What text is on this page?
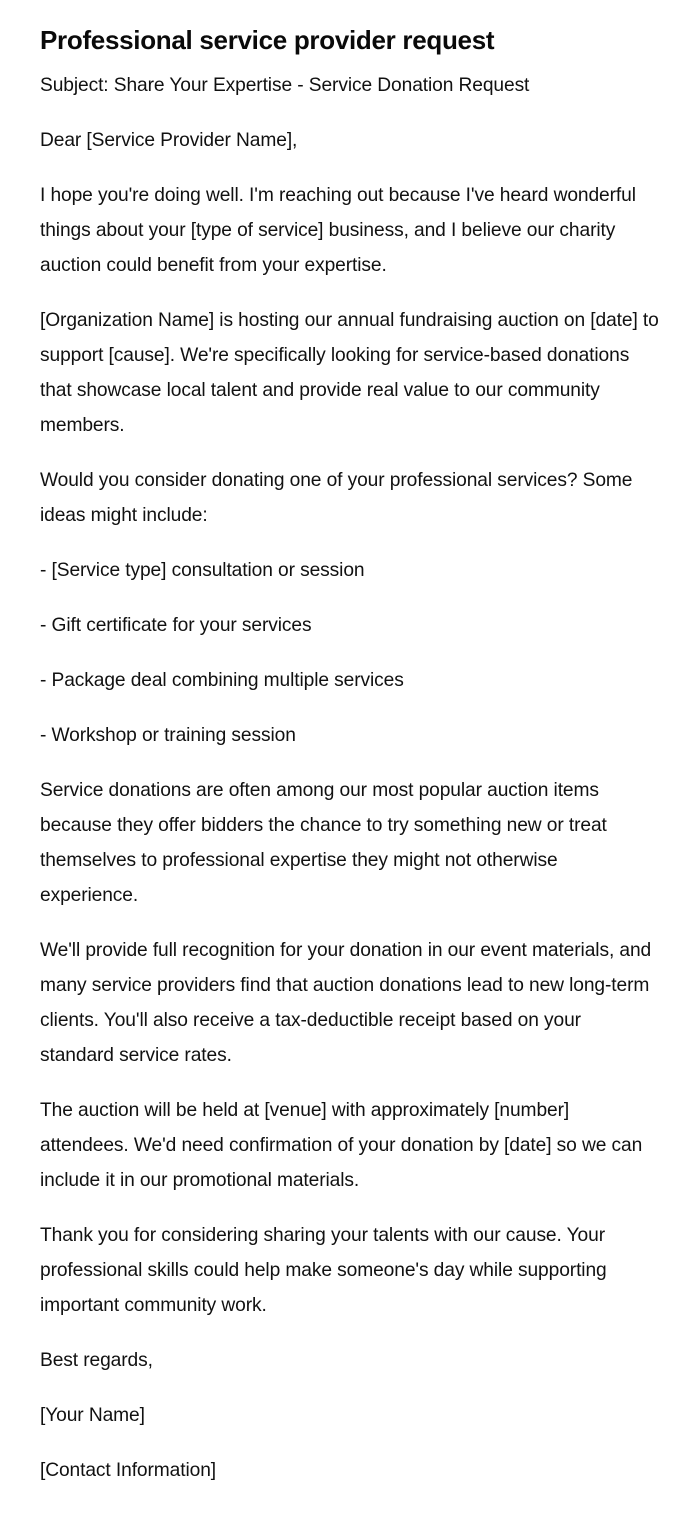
Professional service provider request

Subject: Share Your Expertise - Service Donation Request

Dear [Service Provider Name],

I hope you're doing well. I'm reaching out because I've heard wonderful things about your [type of service] business, and I believe our charity auction could benefit from your expertise.

[Organization Name] is hosting our annual fundraising auction on [date] to support [cause]. We're specifically looking for service-based donations that showcase local talent and provide real value to our community members.

Would you consider donating one of your professional services? Some ideas might include:

- [Service type] consultation or session

- Gift certificate for your services

- Package deal combining multiple services

- Workshop or training session

Service donations are often among our most popular auction items because they offer bidders the chance to try something new or treat themselves to professional expertise they might not otherwise experience.

We'll provide full recognition for your donation in our event materials, and many service providers find that auction donations lead to new long-term clients. You'll also receive a tax-deductible receipt based on your standard service rates.

The auction will be held at [venue] with approximately [number] attendees. We'd need confirmation of your donation by [date] so we can include it in our promotional materials.

Thank you for considering sharing your talents with our cause. Your professional skills could help make someone's day while supporting important community work.

Best regards,

[Your Name]

[Contact Information]
